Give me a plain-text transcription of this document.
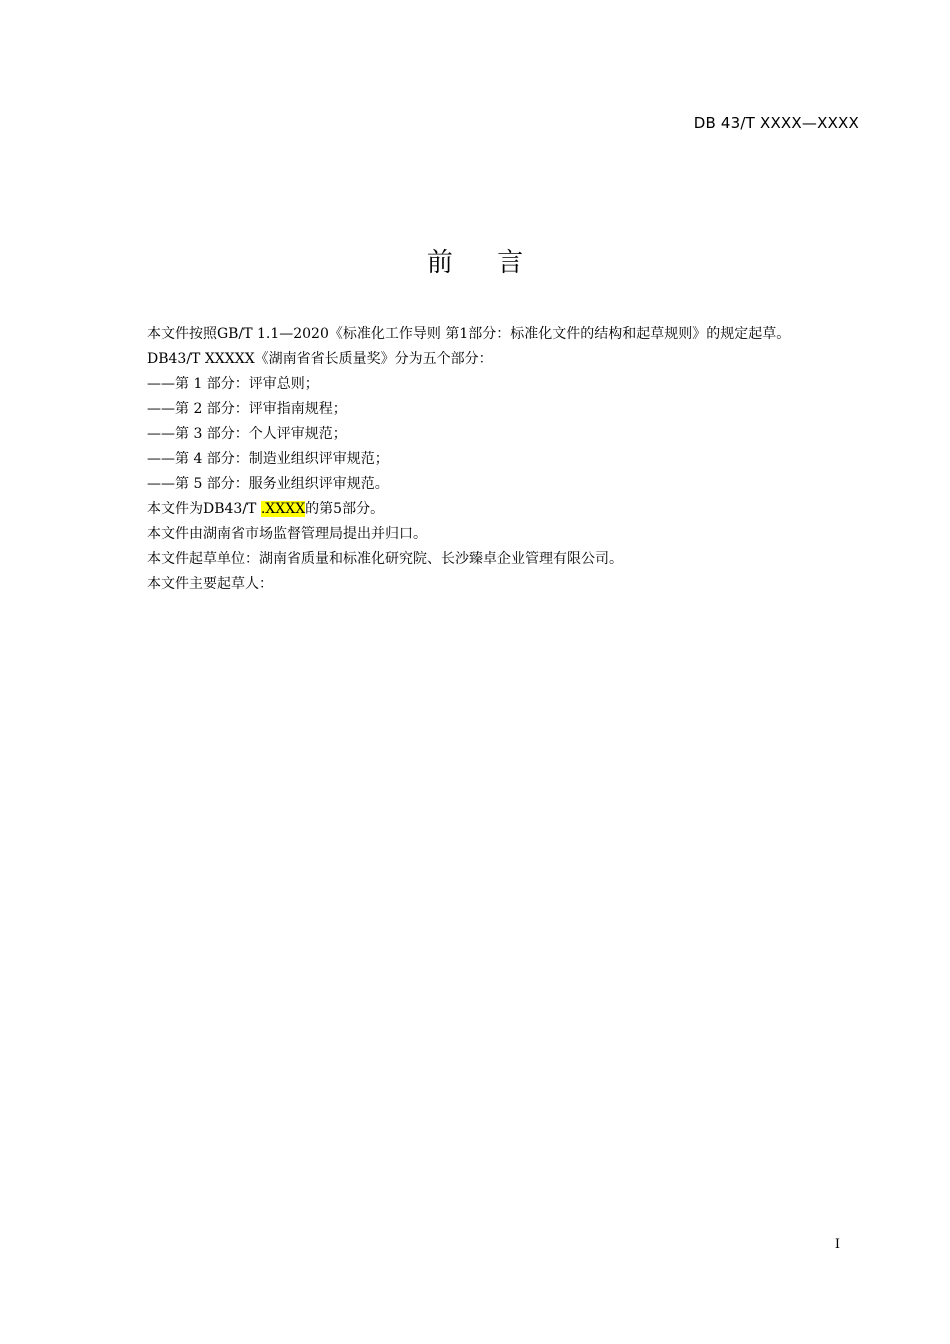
DB 43/T XXXX—XXXX
前 言

本文件按照GB/T 1.1—2020《标准化工作导则 第1部分：标准化文件的结构和起草规则》的规定起草。

DB43/T XXXXX《湖南省省长质量奖》分为五个部分：

——第 1 部分：评审总则；

——第 2 部分：评审指南规程；

——第 3 部分：个人评审规范；

——第 4 部分：制造业组织评审规范；

——第 5 部分：服务业组织评审规范。

本文件为DB43/T .XXXX的第5部分。

本文件由湖南省市场监督管理局提出并归口。

本文件起草单位：湖南省质量和标准化研究院、长沙臻卓企业管理有限公司。

本文件主要起草人：

I
